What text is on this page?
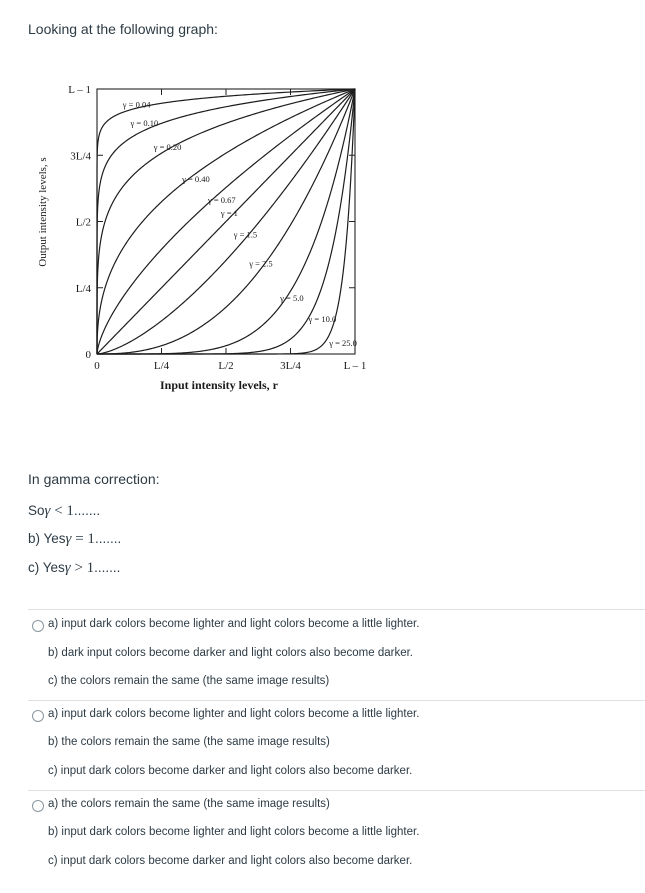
Looking at the following graph:
γ = 0.04
γ = 0.10
γ = 0.20
γ = 0.40
γ = 0.67
γ = 1
γ = 1.5
γ = 2.5
γ = 5.0
γ = 10.0
γ = 25.0
0	L/4	L/2	3L/4	L – 1
0
L/4
L/2
3L/4
L – 1
Input intensity levels, r
Output intensity levels, s
In gamma correction:
Soγ < 1.......
b) Yesγ = 1.......
c) Yesγ > 1.......
a) input dark colors become lighter and light colors become a little lighter.
b) dark input colors become darker and light colors also become darker.
c) the colors remain the same (the same image results)
a) input dark colors become lighter and light colors become a little lighter.
b) the colors remain the same (the same image results)
c) input dark colors become darker and light colors also become darker.
a) the colors remain the same (the same image results)
b) input dark colors become lighter and light colors become a little lighter.
c) input dark colors become darker and light colors also become darker.
